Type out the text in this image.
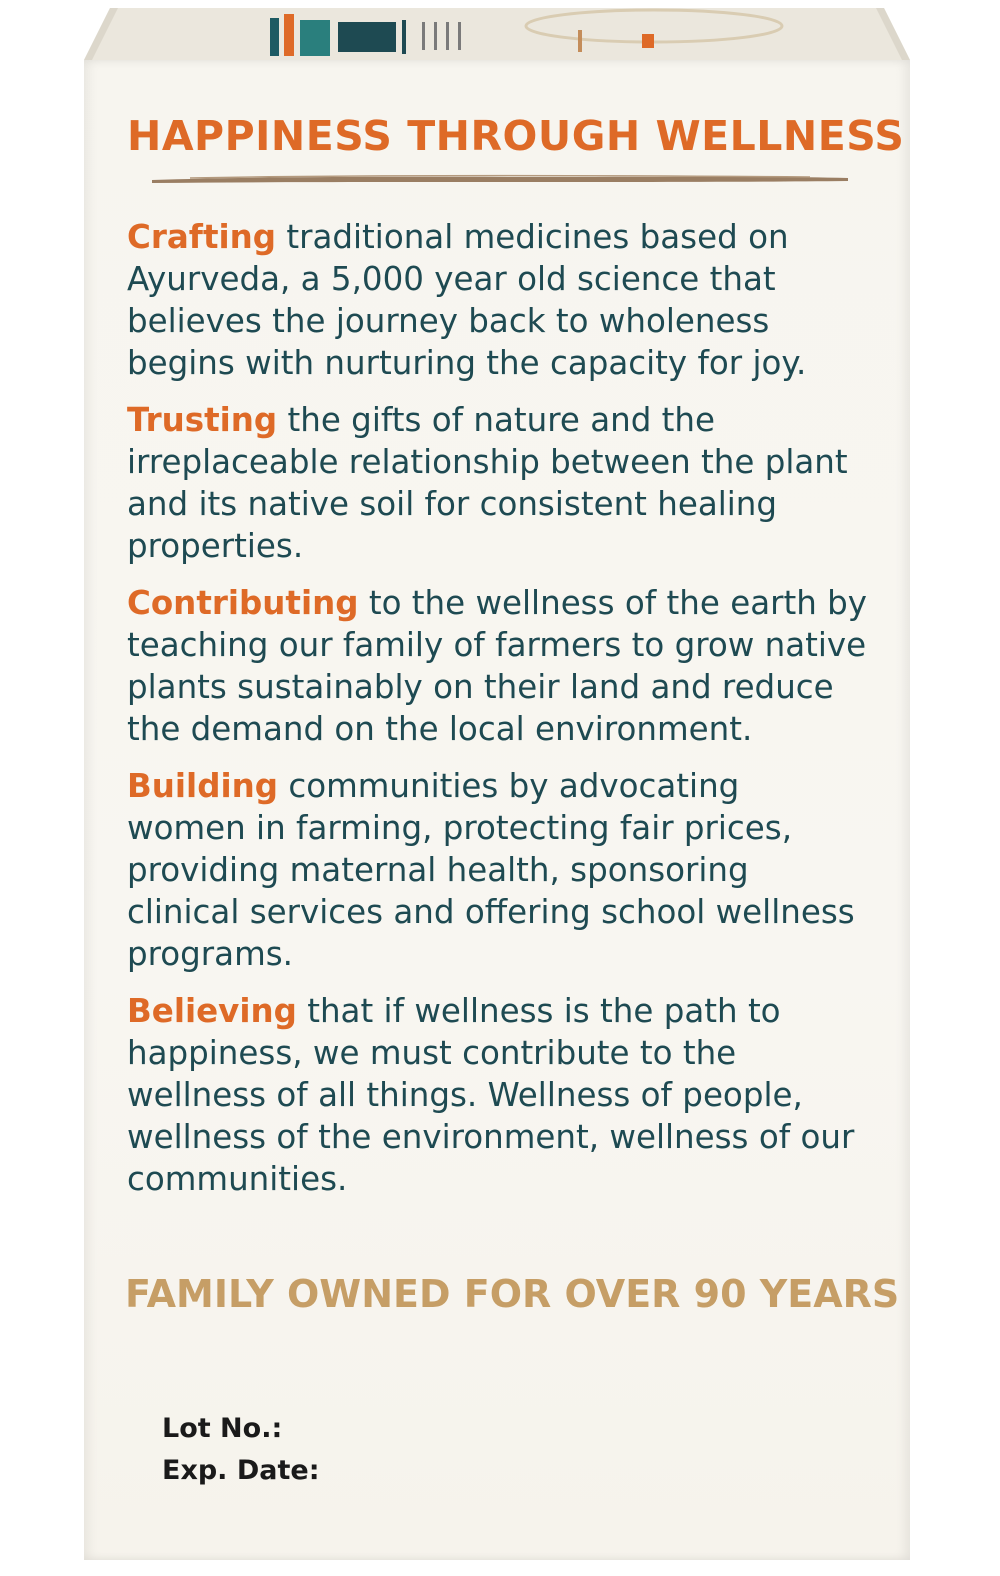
HAPPINESS THROUGH WELLNESS

Crafting traditional medicines based on Ayurveda, a 5,000 year old science that believes the journey back to wholeness begins with nurturing the capacity for joy.

Trusting the gifts of nature and the irreplaceable relationship between the plant and its native soil for consistent healing properties.

Contributing to the wellness of the earth by teaching our family of farmers to grow native plants sustainably on their land and reduce the demand on the local environment.

Building communities by advocating women in farming, protecting fair prices, providing maternal health, sponsoring clinical services and offering school wellness programs.

Believing that if wellness is the path to happiness, we must contribute to the wellness of all things. Wellness of people, wellness of the environment, wellness of our communities.

FAMILY OWNED FOR OVER 90 YEARS
Lot No.:
Exp. Date:
